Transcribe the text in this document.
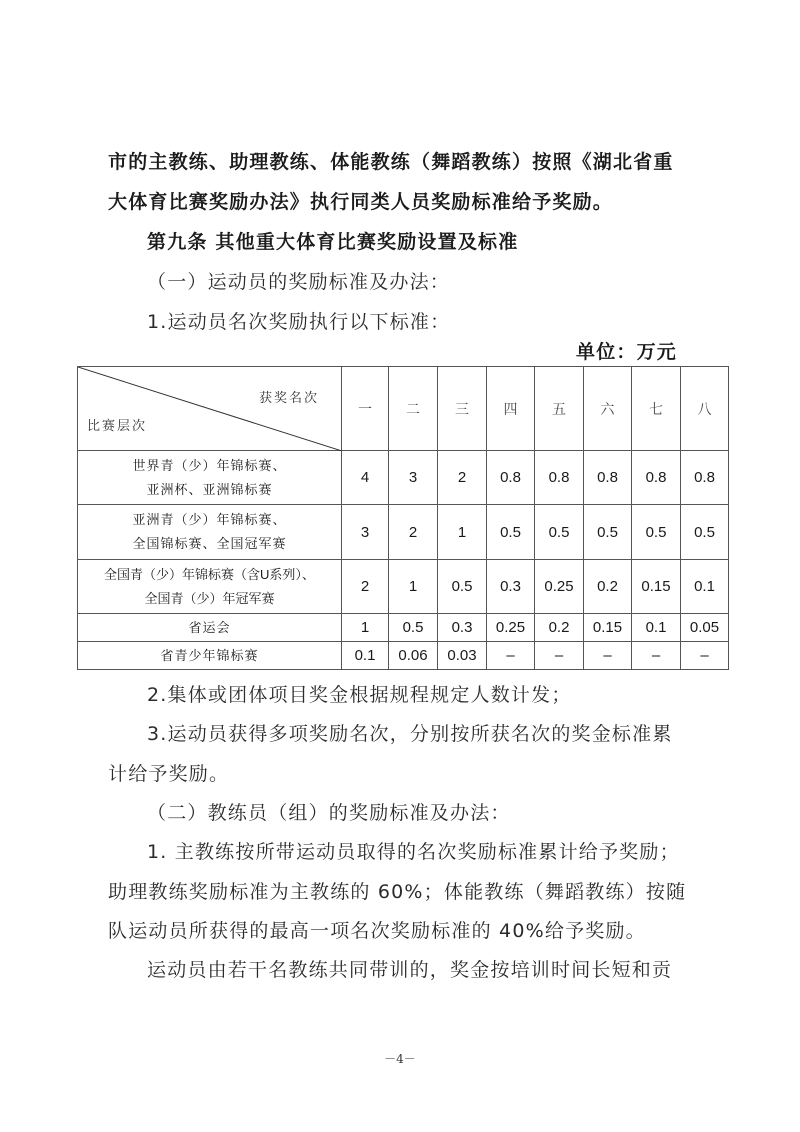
市的主教练、助理教练、体能教练（舞蹈教练）按照《湖北省重
大体育比赛奖励办法》执行同类人员奖励标准给予奖励。
第九条 其他重大体育比赛奖励设置及标准
（一）运动员的奖励标准及办法：
1.运动员名次奖励执行以下标准：
单位：万元
获奖名次
比赛层次	一	二	三	四	五	六	七	八

世界青（少）年锦标赛、
亚洲杯、亚洲锦标赛	4	3	2	0.8	0.8	0.8	0.8	0.8

亚洲青（少）年锦标赛、
全国锦标赛、全国冠军赛	3	2	1	0.5	0.5	0.5	0.5	0.5

全国青（少）年锦标赛（含U系列）、
全国青（少）年冠军赛	2	1	0.5	0.3	0.25	0.2	0.15	0.1

省运会	1	0.5	0.3	0.25	0.2	0.15	0.1	0.05

省青少年锦标赛	0.1	0.06	0.03	–	–	–	–	–
2.集体或团体项目奖金根据规程规定人数计发；
3.运动员获得多项奖励名次，分别按所获名次的奖金标准累
计给予奖励。
（二）教练员（组）的奖励标准及办法：
1. 主教练按所带运动员取得的名次奖励标准累计给予奖励；
助理教练奖励标准为主教练的 60%；体能教练（舞蹈教练）按随
队运动员所获得的最高一项名次奖励标准的 40%给予奖励。
运动员由若干名教练共同带训的，奖金按培训时间长短和贡
－4－
